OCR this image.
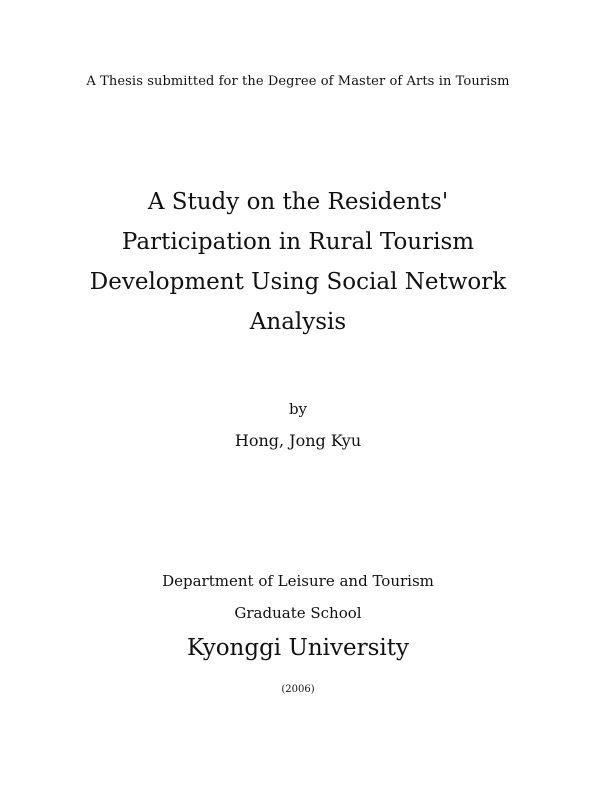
A Thesis submitted for the Degree of Master of Arts in Tourism

A Study on the Residents'
Participation in Rural Tourism
Development Using Social Network
Analysis

by

Hong, Jong Kyu

Department of Leisure and Tourism

Graduate School

Kyonggi University

(2006)
